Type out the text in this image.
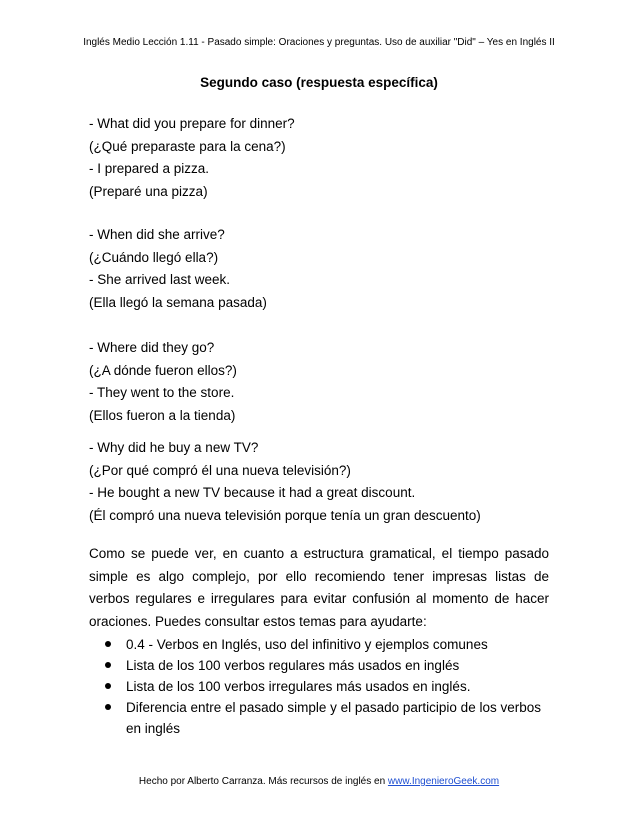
Inglés Medio Lección 1.11 - Pasado simple: Oraciones y preguntas. Uso de auxiliar "Did" – Yes en Inglés II
Segundo caso (respuesta específica)
- What did you prepare for dinner?
(¿Qué preparaste para la cena?)
- I prepared a pizza.
(Preparé una pizza)
- When did she arrive?
(¿Cuándo llegó ella?)
- She arrived last week.
(Ella llegó la semana pasada)
- Where did they go?
(¿A dónde fueron ellos?)
- They went to the store.
(Ellos fueron a la tienda)
- Why did he buy a new TV?
(¿Por qué compró él una nueva televisión?)
- He bought a new TV because it had a great discount.
(Él compró una nueva televisión porque tenía un gran descuento)
Como se puede ver, en cuanto a estructura gramatical, el tiempo pasado simple es algo complejo, por ello recomiendo tener impresas listas de verbos regulares e irregulares para evitar confusión al momento de hacer oraciones. Puedes consultar estos temas para ayudarte:
0.4 - Verbos en Inglés, uso del infinitivo y ejemplos comunes
Lista de los 100 verbos regulares más usados en inglés
Lista de los 100 verbos irregulares más usados en inglés.
Diferencia entre el pasado simple y el pasado participio de los verbos en inglés
Hecho por Alberto Carranza. Más recursos de inglés en www.IngenieroGeek.com
